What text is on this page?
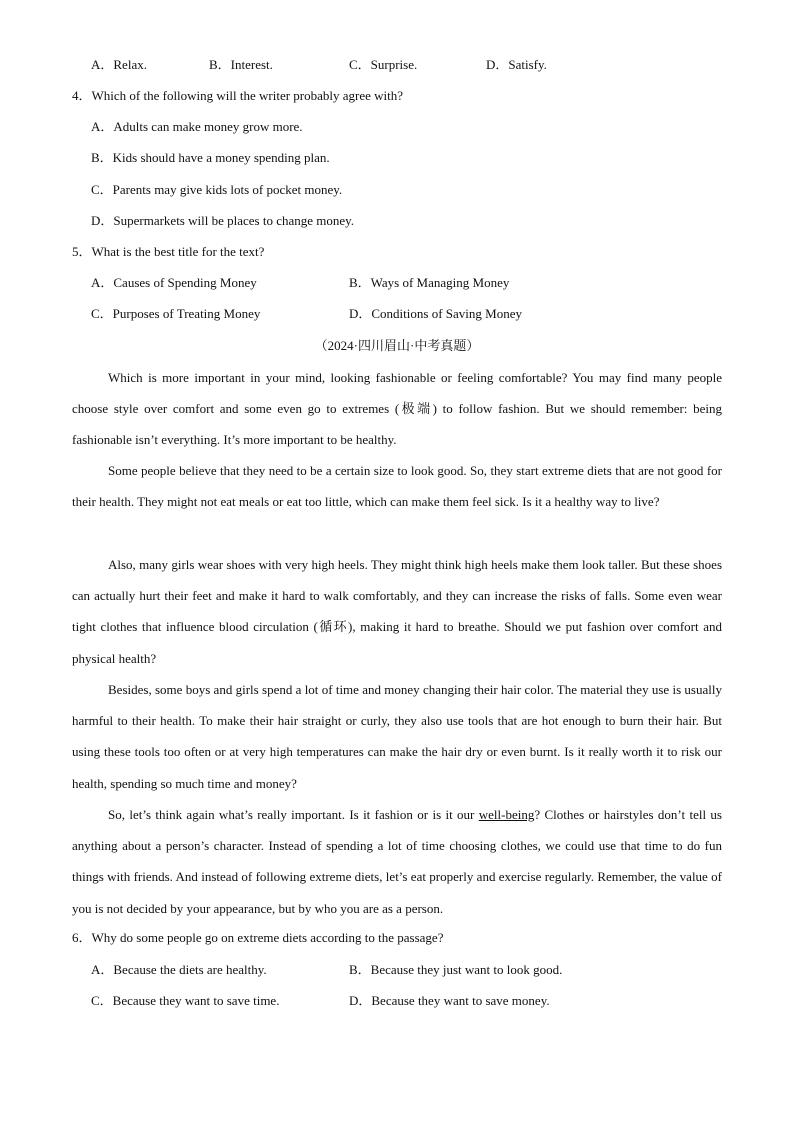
A．Relax.	B．Interest.	C．Surprise.	D．Satisfy.
4．Which of the following will the writer probably agree with?
A．Adults can make money grow more.
B．Kids should have a money spending plan.
C．Parents may give kids lots of pocket money.
D．Supermarkets will be places to change money.
5．What is the best title for the text?
A．Causes of Spending Money	B．Ways of Managing Money
C．Purposes of Treating Money	D．Conditions of Saving Money
（2024·四川眉山·中考真题）
Which is more important in your mind, looking fashionable or feeling comfortable? You may find many people choose style over comfort and some even go to extremes (极端) to follow fashion. But we should remember: being fashionable isn’t everything. It’s more important to be healthy.
Some people believe that they need to be a certain size to look good. So, they start extreme diets that are not good for their health. They might not eat meals or eat too little, which can make them feel sick. Is it a healthy way to live?
Also, many girls wear shoes with very high heels. They might think high heels make them look taller. But these shoes can actually hurt their feet and make it hard to walk comfortably, and they can increase the risks of falls. Some even wear tight clothes that influence blood circulation (循环), making it hard to breathe. Should we put fashion over comfort and physical health?
Besides, some boys and girls spend a lot of time and money changing their hair color. The material they use is usually harmful to their health. To make their hair straight or curly, they also use tools that are hot enough to burn their hair. But using these tools too often or at very high temperatures can make the hair dry or even burnt. Is it really worth it to risk our health, spending so much time and money?
So, let’s think again what’s really important. Is it fashion or is it our well-being? Clothes or hairstyles don’t tell us anything about a person’s character. Instead of spending a lot of time choosing clothes, we could use that time to do fun things with friends. And instead of following extreme diets, let’s eat properly and exercise regularly. Remember, the value of you is not decided by your appearance, but by who you are as a person.
6．Why do some people go on extreme diets according to the passage?
A．Because the diets are healthy.	B．Because they just want to look good.
C．Because they want to save time.	D．Because they want to save money.
